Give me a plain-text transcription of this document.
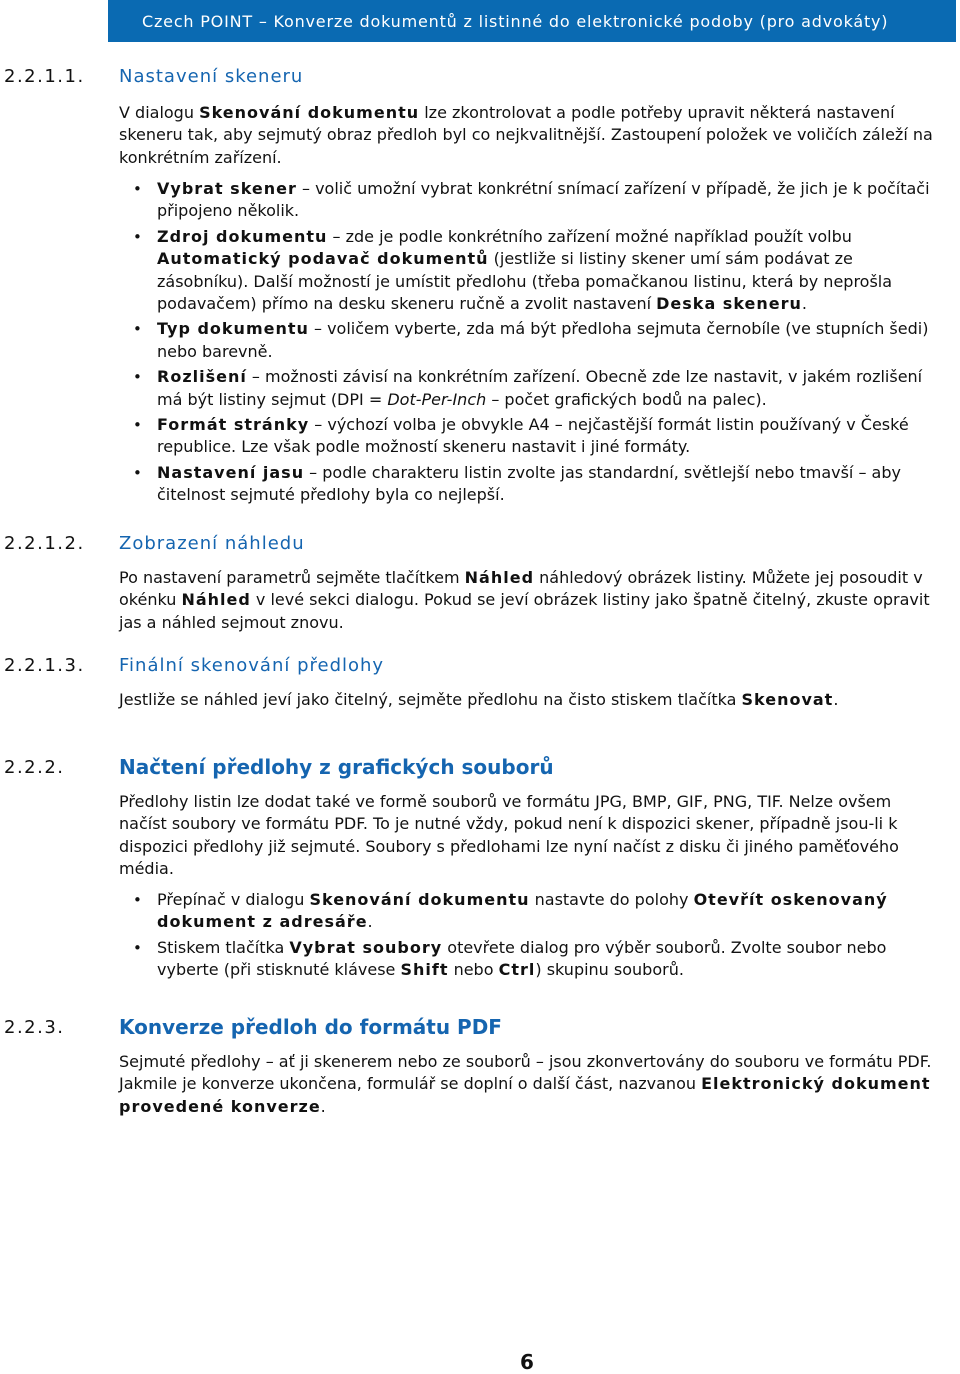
Czech POINT – Konverze dokumentů z listinné do elektronické podoby (pro advokáty)
2.2.1.1. Nastavení skeneru
V dialogu Skenování dokumentu lze zkontrolovat a podle potřeby upravit některá nastavení skeneru tak, aby sejmutý obraz předloh byl co nejkvalitnější. Zastoupení položek ve voličích záleží na konkrétním zařízení.
• Vybrat skener – volič umožní vybrat konkrétní snímací zařízení v případě, že jich je k počítači připojeno několik.
• Zdroj dokumentu – zde je podle konkrétního zařízení možné například použít volbu Automatický podavač dokumentů (jestliže si listiny skener umí sám podávat ze zásobníku). Další možností je umístit předlohu (třeba pomačkanou listinu, která by neprošla podavačem) přímo na desku skeneru ručně a zvolit nastavení Deska skeneru.
• Typ dokumentu – voličem vyberte, zda má být předloha sejmuta černobíle (ve stupních šedi) nebo barevně.
• Rozlišení – možnosti závisí na konkrétním zařízení. Obecně zde lze nastavit, v jakém rozlišení má být listiny sejmut (DPI = Dot-Per-Inch – počet grafických bodů na palec).
• Formát stránky – výchozí volba je obvykle A4 – nejčastější formát listin používaný v České republice. Lze však podle možností skeneru nastavit i jiné formáty.
• Nastavení jasu – podle charakteru listin zvolte jas standardní, světlejší nebo tmavší – aby čitelnost sejmuté předlohy byla co nejlepší.
2.2.1.2. Zobrazení náhledu
Po nastavení parametrů sejměte tlačítkem Náhled náhledový obrázek listiny. Můžete jej posoudit v okénku Náhled v levé sekci dialogu. Pokud se jeví obrázek listiny jako špatně čitelný, zkuste opravit jas a náhled sejmout znovu.
2.2.1.3. Finální skenování předlohy
Jestliže se náhled jeví jako čitelný, sejměte předlohu na čisto stiskem tlačítka Skenovat.
2.2.2.	Načtení předlohy z grafických souborů
Předlohy listin lze dodat také ve formě souborů ve formátu JPG, BMP, GIF, PNG, TIF. Nelze ovšem načíst soubory ve formátu PDF. To je nutné vždy, pokud není k dispozici skener, případně jsou-li k dispozici předlohy již sejmuté. Soubory s předlohami lze nyní načíst z disku či jiného paměťového média.
• Přepínač v dialogu Skenování dokumentu nastavte do polohy Otevřít oskenovaný dokument z adresáře.
• Stiskem tlačítka Vybrat soubory otevřete dialog pro výběr souborů. Zvolte soubor nebo vyberte (při stisknuté klávese Shift nebo Ctrl) skupinu souborů.
2.2.3.	Konverze předloh do formátu PDF
Sejmuté předlohy – ať ji skenerem nebo ze souborů – jsou zkonvertovány do souboru ve formátu PDF. Jakmile je konverze ukončena, formulář se doplní o další část, nazvanou Elektronický dokument provedené konverze.
6
